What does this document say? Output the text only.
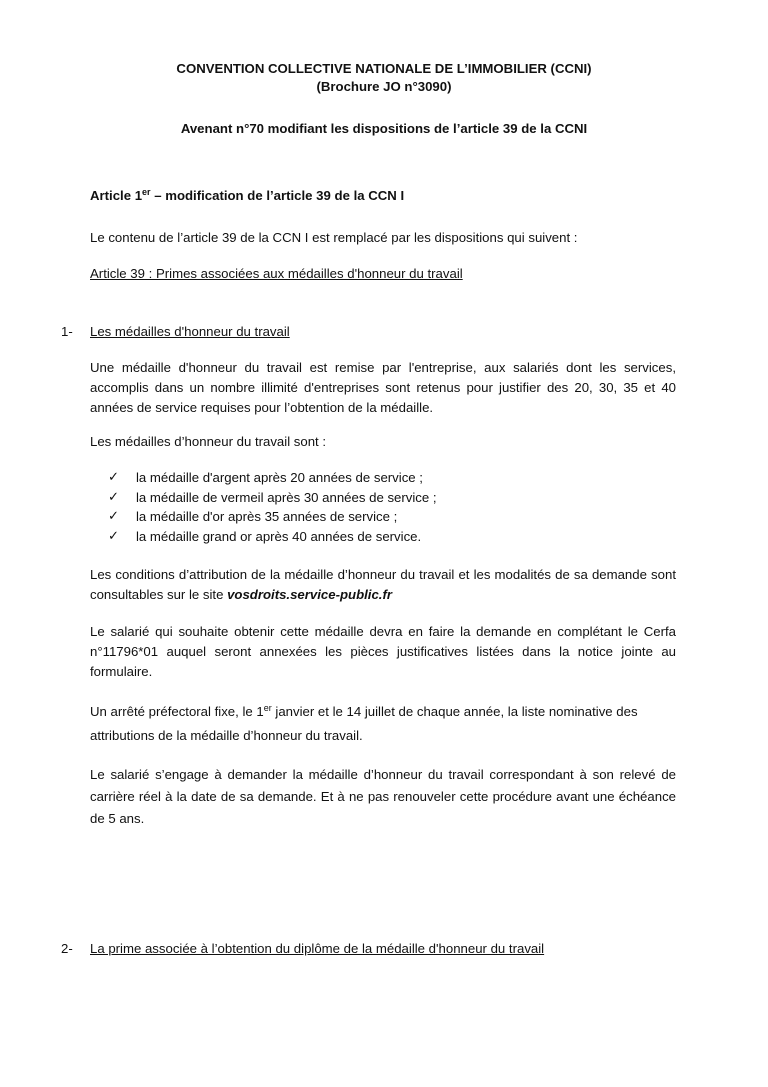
CONVENTION COLLECTIVE NATIONALE DE L’IMMOBILIER (CCNI)
(Brochure JO n°3090)
Avenant n°70 modifiant les dispositions de l’article 39 de la CCNI
Article 1er – modification de l’article 39 de la CCN I
Le contenu de l’article 39 de la CCN I est remplacé par les dispositions qui suivent :
Article 39 : Primes associées aux médailles d'honneur du travail
1- Les médailles d'honneur du travail
Une médaille d'honneur du travail est remise par l'entreprise, aux salariés dont les services, accomplis dans un nombre illimité d'entreprises sont retenus pour justifier des 20, 30, 35 et 40 années de service requises pour l’obtention de la médaille.
Les médailles d’honneur du travail sont :
✓	la médaille d'argent après 20 années de service ;
✓	la médaille de vermeil après 30 années de service ;
✓	la médaille d'or après 35 années de service ;
✓	la médaille grand or après 40 années de service.
Les conditions d’attribution de la médaille d’honneur du travail et les modalités de sa demande sont consultables sur le site vosdroits.service-public.fr
Le salarié qui souhaite obtenir cette médaille devra en faire la demande en complétant le Cerfa n°11796*01 auquel seront annexées les pièces justificatives listées dans la notice jointe au formulaire.
Un arrêté préfectoral fixe, le 1er janvier et le 14 juillet de chaque année, la liste nominative des attributions de la médaille d’honneur du travail.
Le salarié s’engage à demander la médaille d’honneur du travail correspondant à son relevé de carrière réel à la date de sa demande. Et à ne pas renouveler cette procédure avant une échéance de 5 ans.
2- La prime associée à l’obtention du diplôme de la médaille d'honneur du travail
